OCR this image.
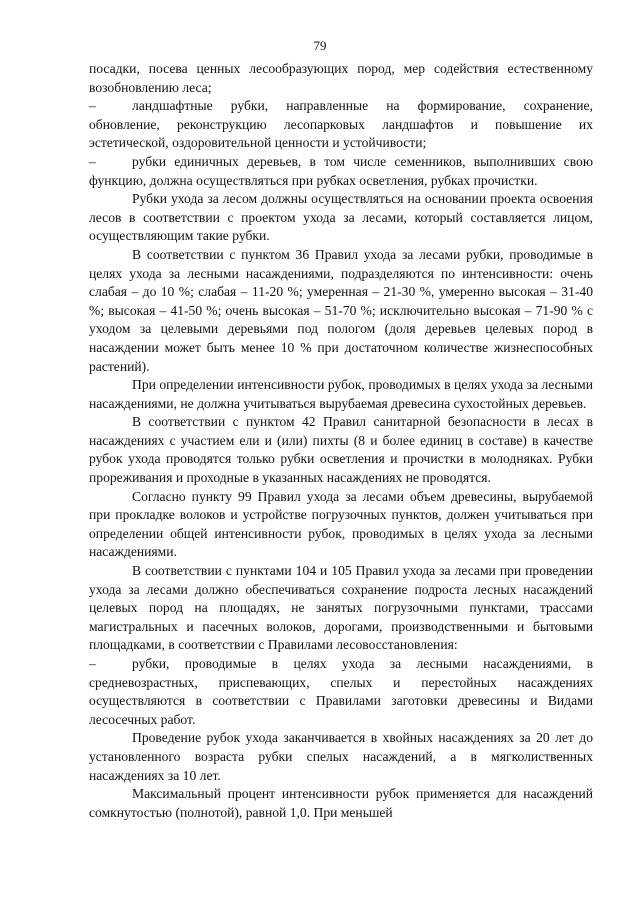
79

посадки, посева ценных лесообразующих пород, мер содействия естественному возобновлению леса;

–	ландшафтные рубки, направленные на формирование, сохранение, обновление, реконструкцию лесопарковых ландшафтов и повышение их эстетической, оздоровительной ценности и устойчивости;

–	рубки единичных деревьев, в том числе семенников, выполнивших свою функцию, должна осуществляться при рубках осветления, рубках прочистки.

Рубки ухода за лесом должны осуществляться на основании проекта освоения лесов в соответствии с проектом ухода за лесами, который составляется лицом, осуществляющим такие рубки.

В соответствии с пунктом 36 Правил ухода за лесами рубки, проводимые в целях ухода за лесными насаждениями, подразделяются по интенсивности: очень слабая – до 10 %; слабая – 11-20 %; умеренная – 21-30 %, умеренно высокая – 31-40 %; высокая – 41-50 %; очень высокая – 51-70 %; исключительно высокая – 71-90 % с уходом за целевыми деревьями под пологом (доля деревьев целевых пород в насаждении может быть менее 10 % при достаточном количестве жизнеспособных растений).

При определении интенсивности рубок, проводимых в целях ухода за лесными насаждениями, не должна учитываться вырубаемая древесина сухостойных деревьев.

В соответствии с пунктом 42 Правил санитарной безопасности в лесах в насаждениях с участием ели и (или) пихты (8 и более единиц в составе) в качестве рубок ухода проводятся только рубки осветления и прочистки в молодняках. Рубки прореживания и проходные в указанных насаждениях не проводятся.

Согласно пункту 99 Правил ухода за лесами объем древесины, вырубаемой при прокладке волоков и устройстве погрузочных пунктов, должен учитываться при определении общей интенсивности рубок, проводимых в целях ухода за лесными насаждениями.

В соответствии с пунктами 104 и 105 Правил ухода за лесами при проведении ухода за лесами должно обеспечиваться сохранение подроста лесных насаждений целевых пород на площадях, не занятых погрузочными пунктами, трассами магистральных и пасечных волоков, дорогами, производственными и бытовыми площадками, в соответствии с Правилами лесовосстановления:

–	рубки, проводимые в целях ухода за лесными насаждениями, в средневозрастных, приспевающих, спелых и перестойных насаждениях осуществляются в соответствии с Правилами заготовки древесины и Видами лесосечных работ.

Проведение рубок ухода заканчивается в хвойных насаждениях за 20 лет до установленного возраста рубки спелых насаждений, а в мягколиственных насаждениях за 10 лет.

Максимальный процент интенсивности рубок применяется для насаждений сомкнутостью (полнотой), равной 1,0. При меньшей
